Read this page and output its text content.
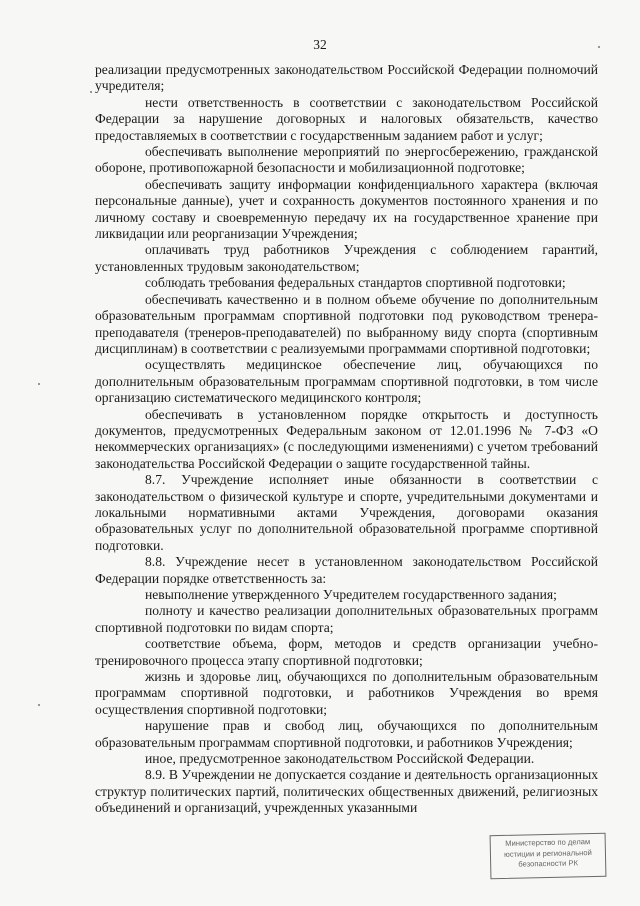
32

реализации предусмотренных законодательством Российской Федерации полномочий учредителя;

нести ответственность в соответствии с законодательством Российской Федерации за нарушение договорных и налоговых обязательств, качество предоставляемых в соответствии с государственным заданием работ и услуг;

обеспечивать выполнение мероприятий по энергосбережению, гражданской обороне, противопожарной безопасности и мобилизационной подготовке;

обеспечивать защиту информации конфиденциального характера (включая персональные данные), учет и сохранность документов постоянного хранения и по личному составу и своевременную передачу их на государственное хранение при ликвидации или реорганизации Учреждения;

оплачивать труд работников Учреждения с соблюдением гарантий, установленных трудовым законодательством;

соблюдать требования федеральных стандартов спортивной подготовки;

обеспечивать качественно и в полном объеме обучение по дополнительным образовательным программам спортивной подготовки под руководством тренера-преподавателя (тренеров-преподавателей) по выбранному виду спорта (спортивным дисциплинам) в соответствии с реализуемыми программами спортивной подготовки;

осуществлять медицинское обеспечение лиц, обучающихся по дополнительным образовательным программам спортивной подготовки, в том числе организацию систематического медицинского контроля;

обеспечивать в установленном порядке открытость и доступность документов, предусмотренных Федеральным законом от 12.01.1996 № 7-ФЗ «О некоммерческих организациях» (с последующими изменениями) с учетом требований законодательства Российской Федерации о защите государственной тайны.

8.7. Учреждение исполняет иные обязанности в соответствии с законодательством о физической культуре и спорте, учредительными документами и локальными нормативными актами Учреждения, договорами оказания образовательных услуг по дополнительной образовательной программе спортивной подготовки.

8.8. Учреждение несет в установленном законодательством Российской Федерации порядке ответственность за:

невыполнение утвержденного Учредителем государственного задания;

полноту и качество реализации дополнительных образовательных программ спортивной подготовки по видам спорта;

соответствие объема, форм, методов и средств организации учебно-тренировочного процесса этапу спортивной подготовки;

жизнь и здоровье лиц, обучающихся по дополнительным образовательным программам спортивной подготовки, и работников Учреждения во время осуществления спортивной подготовки;

нарушение прав и свобод лиц, обучающихся по дополнительным образовательным программам спортивной подготовки, и работников Учреждения;

иное, предусмотренное законодательством Российской Федерации.

8.9. В Учреждении не допускается создание и деятельность организационных структур политических партий, политических общественных движений, религиозных объединений и организаций, учрежденных указанными

Министерство по делам
юстиции и региональной
безопасности РК
